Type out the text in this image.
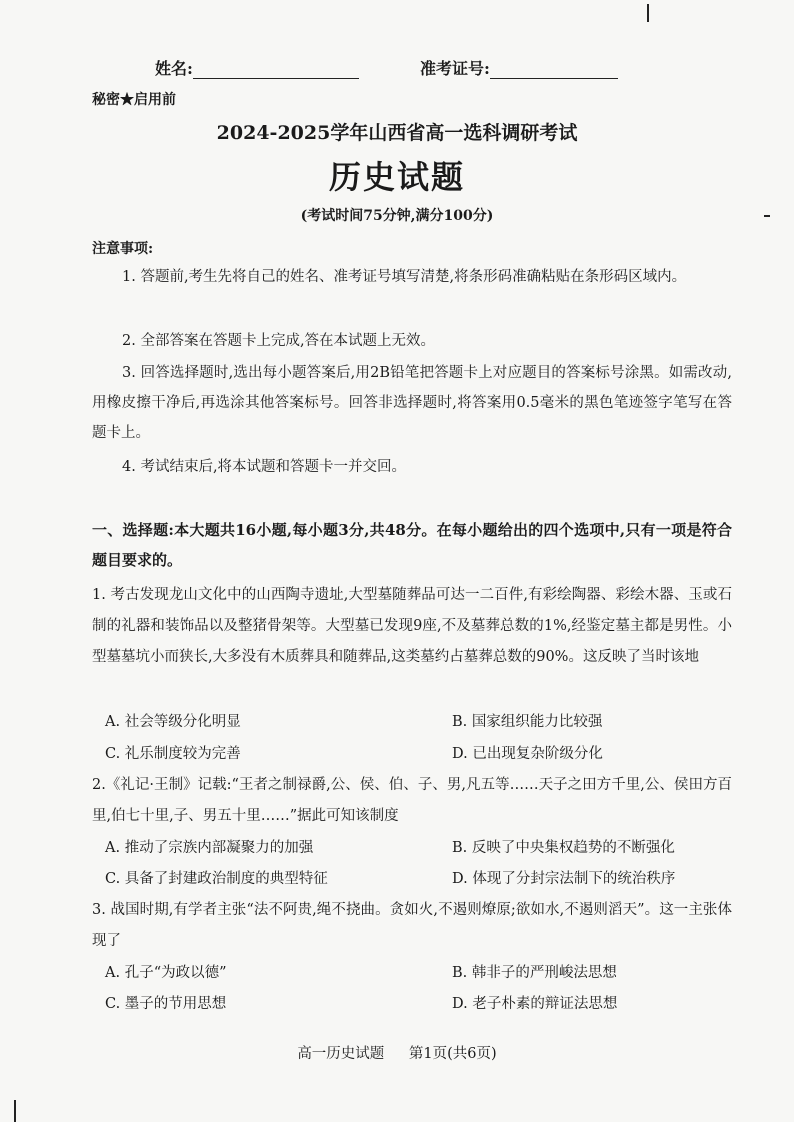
姓名:	准考证号:
秘密★启用前
2024-2025学年山西省高一选科调研考试
历史试题
(考试时间75分钟,满分100分)
注意事项:
1. 答题前,考生先将自己的姓名、准考证号填写清楚,将条形码准确粘贴在条形码区域内。
2. 全部答案在答题卡上完成,答在本试题上无效。
3. 回答选择题时,选出每小题答案后,用2B铅笔把答题卡上对应题目的答案标号涂黑。如需改动,用橡皮擦干净后,再选涂其他答案标号。回答非选择题时,将答案用0.5毫米的黑色笔迹签字笔写在答题卡上。
4. 考试结束后,将本试题和答题卡一并交回。
一、选择题:本大题共16小题,每小题3分,共48分。在每小题给出的四个选项中,只有一项是符合题目要求的。
1. 考古发现龙山文化中的山西陶寺遗址,大型墓随葬品可达一二百件,有彩绘陶器、彩绘木器、玉或石制的礼器和装饰品以及整猪骨架等。大型墓已发现9座,不及墓葬总数的1%,经鉴定墓主都是男性。小型墓墓坑小而狭长,大多没有木质葬具和随葬品,这类墓约占墓葬总数的90%。这反映了当时该地
A. 社会等级分化明显	B. 国家组织能力比较强
C. 礼乐制度较为完善	D. 已出现复杂阶级分化
2.《礼记·王制》记载:“王者之制禄爵,公、侯、伯、子、男,凡五等……天子之田方千里,公、侯田方百里,伯七十里,子、男五十里……”据此可知该制度
A. 推动了宗族内部凝聚力的加强	B. 反映了中央集权趋势的不断强化
C. 具备了封建政治制度的典型特征	D. 体现了分封宗法制下的统治秩序
3. 战国时期,有学者主张“法不阿贵,绳不挠曲。贪如火,不遏则燎原;欲如水,不遏则滔天”。这一主张体现了
A. 孔子“为政以德”	B. 韩非子的严刑峻法思想
C. 墨子的节用思想	D. 老子朴素的辩证法思想
高一历史试题 第1页(共6页)
